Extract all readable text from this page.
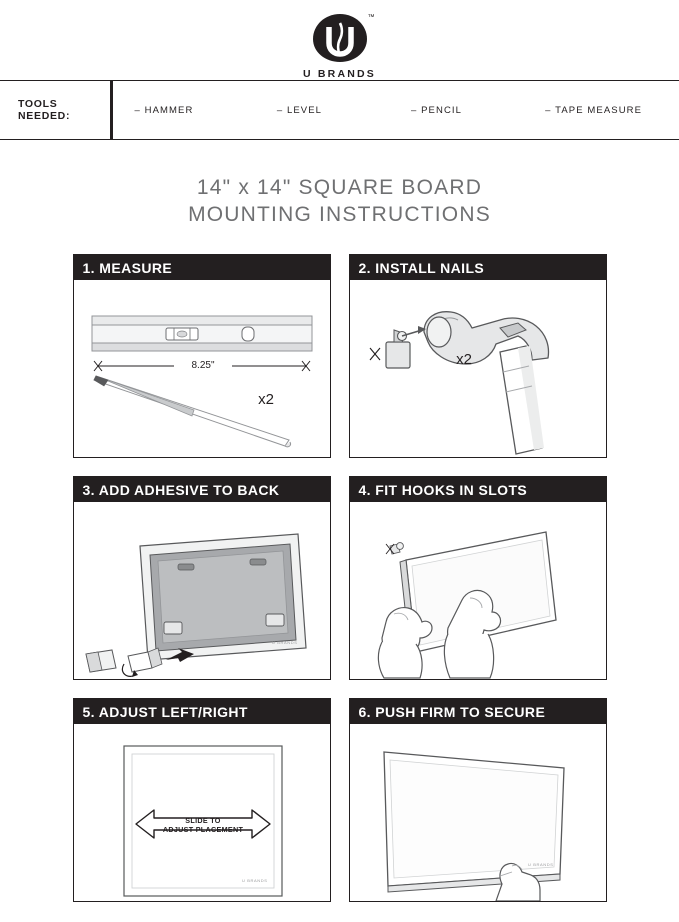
™
U BRANDS
TOOLS NEEDED:	– HAMMER	– LEVEL	– PENCIL	– TAPE MEASURE
14" x 14" SQUARE BOARD
MOUNTING INSTRUCTIONS
1. MEASURE
8.25"
x2
2. INSTALL NAILS
x2
3. ADD ADHESIVE TO BACK
U BRANDS
4. FIT HOOKS IN SLOTS
5. ADJUST LEFT/RIGHT
SLIDE TO
ADJUST PLACEMENT
U BRANDS
6. PUSH FIRM TO SECURE
U BRANDS
